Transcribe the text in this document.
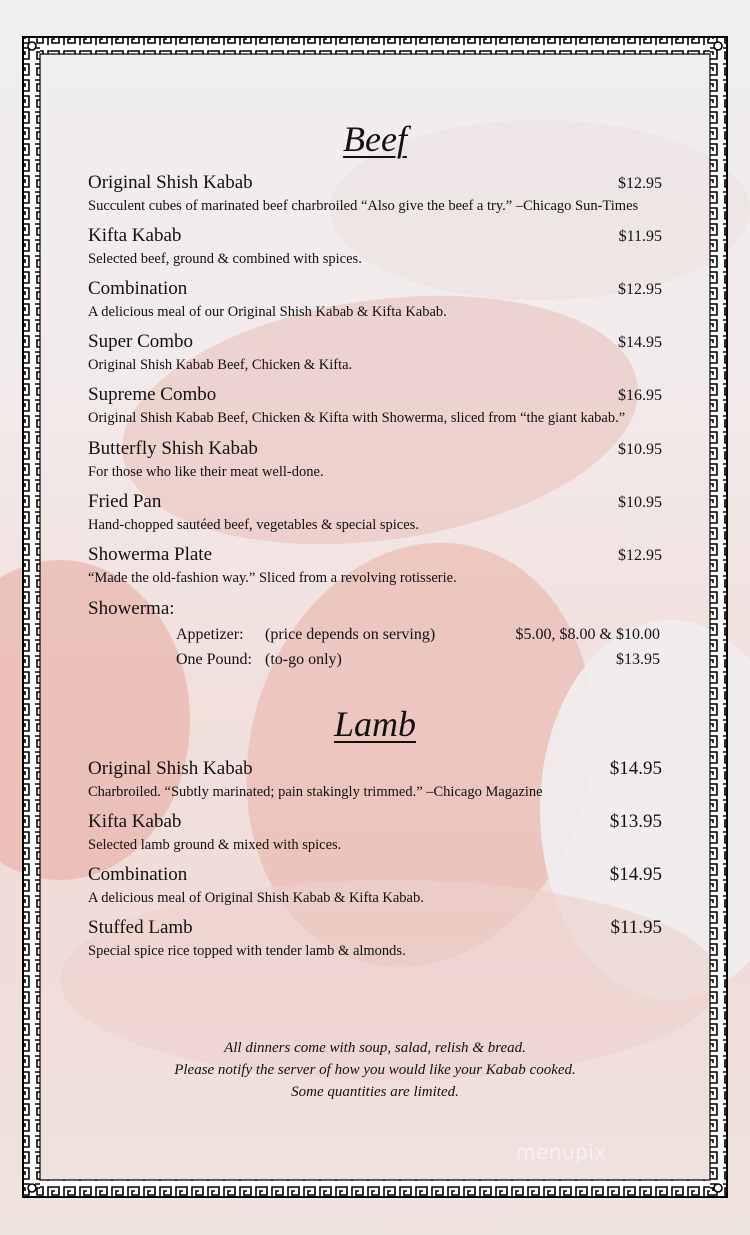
Beef
Original Shish Kabab	$12.95
Succulent cubes of marinated beef charbroiled “Also give the beef a try.” –Chicago Sun-Times
Kifta Kabab	$11.95
Selected beef, ground & combined with spices.
Combination	$12.95
A delicious meal of our Original Shish Kabab & Kifta Kabab.
Super Combo	$14.95
Original Shish Kabab Beef, Chicken & Kifta.
Supreme Combo	$16.95
Original Shish Kabab Beef, Chicken & Kifta with Showerma, sliced from “the giant kabab.”
Butterfly Shish Kabab	$10.95
For those who like their meat well-done.
Fried Pan	$10.95
Hand-chopped sautéed beef, vegetables & special spices.
Showerma Plate	$12.95
“Made the old-fashion way.” Sliced from a revolving rotisserie.
Showerma:
Appetizer: (price depends on serving)	$5.00, $8.00 & $10.00
One Pound: (to-go only)	$13.95
Lamb
Original Shish Kabab	$14.95
Charbroiled. “Subtly marinated; pain stakingly trimmed.” –Chicago Magazine
Kifta Kabab	$13.95
Selected lamb ground & mixed with spices.
Combination	$14.95
A delicious meal of Original Shish Kabab & Kifta Kabab.
Stuffed Lamb	$11.95
Special spice rice topped with tender lamb & almonds.
All dinners come with soup, salad, relish & bread.
Please notify the server of how you would like your Kabab cooked.
Some quantities are limited.
menupix
